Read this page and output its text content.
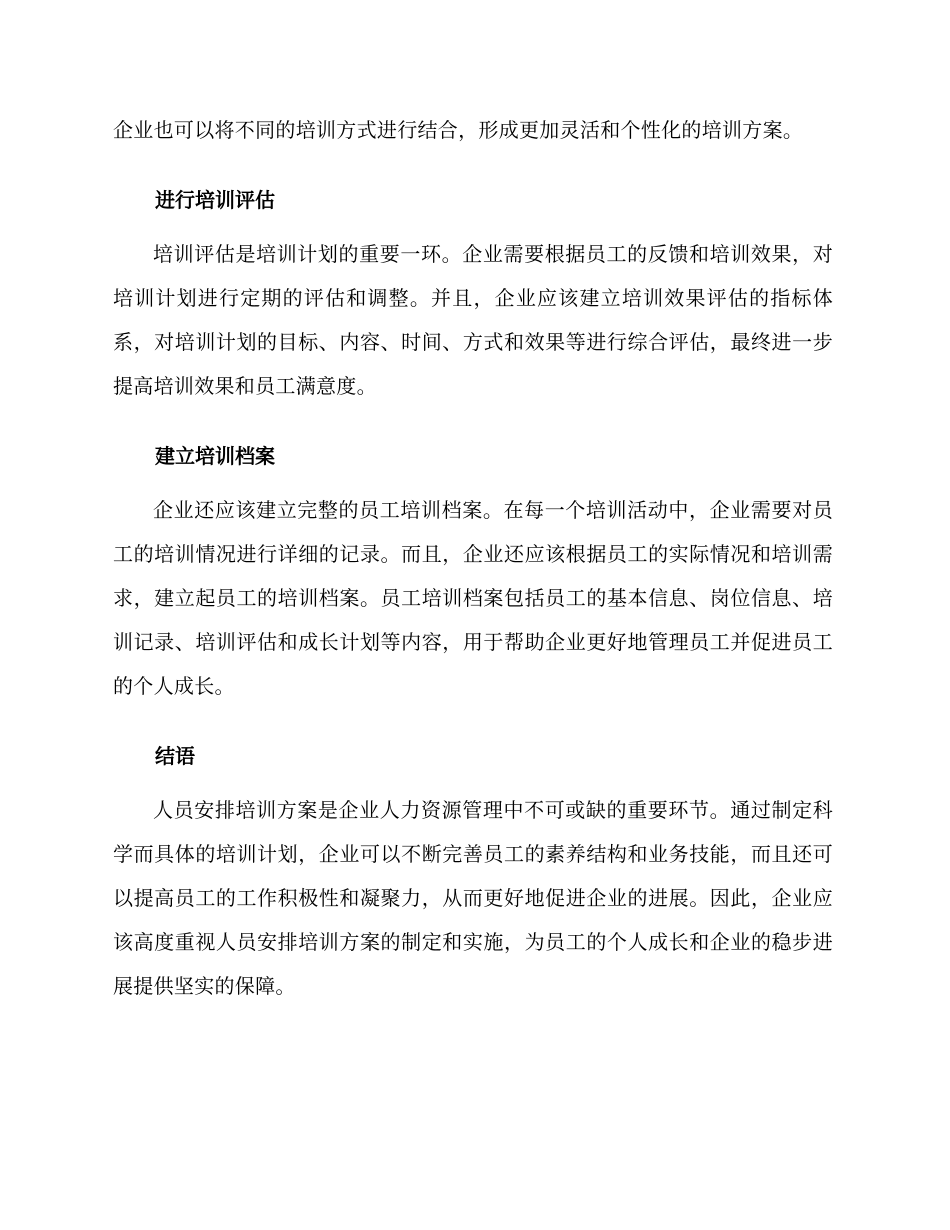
企业也可以将不同的培训方式进行结合，形成更加灵活和个性化的培训方案。

进行培训评估

培训评估是培训计划的重要一环。企业需要根据员工的反馈和培训效果，对培训计划进行定期的评估和调整。并且，企业应该建立培训效果评估的指标体系，对培训计划的目标、内容、时间、方式和效果等进行综合评估，最终进一步提高培训效果和员工满意度。

建立培训档案

企业还应该建立完整的员工培训档案。在每一个培训活动中，企业需要对员工的培训情况进行详细的记录。而且，企业还应该根据员工的实际情况和培训需求，建立起员工的培训档案。员工培训档案包括员工的基本信息、岗位信息、培训记录、培训评估和成长计划等内容，用于帮助企业更好地管理员工并促进员工的个人成长。

结语

人员安排培训方案是企业人力资源管理中不可或缺的重要环节。通过制定科学而具体的培训计划，企业可以不断完善员工的素养结构和业务技能，而且还可以提高员工的工作积极性和凝聚力，从而更好地促进企业的进展。因此，企业应该高度重视人员安排培训方案的制定和实施，为员工的个人成长和企业的稳步进展提供坚实的保障。
